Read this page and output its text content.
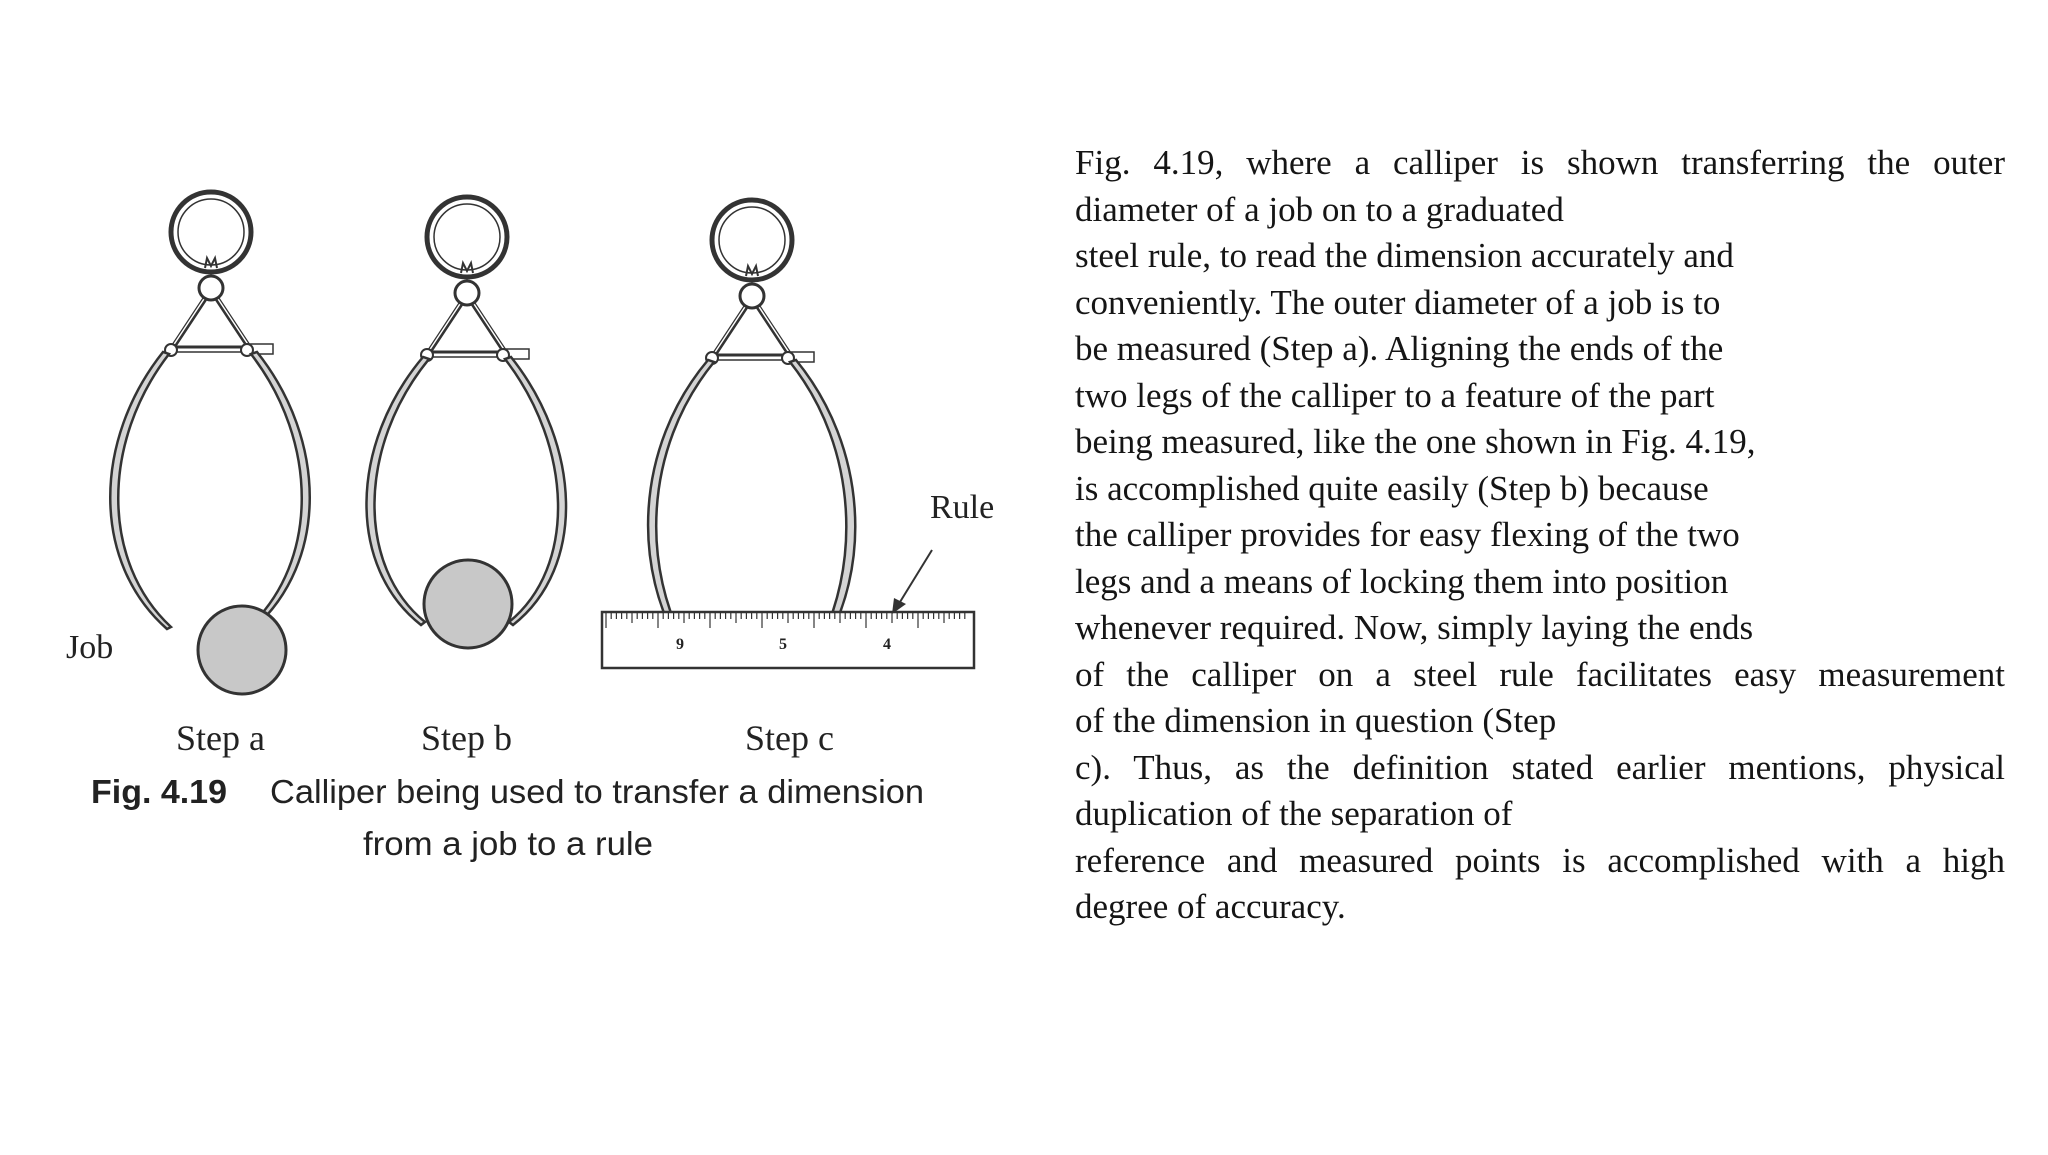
9	5	4
Job
Rule
Step a	Step b	Step c
Fig. 4.19 Calliper being used to transfer a dimension
from a job to a rule
Fig. 4.19, where a calliper is shown transferring the outer
diameter of a job on to a graduated
steel rule, to read the dimension accurately and
conveniently. The outer diameter of a job is to
be measured (Step a). Aligning the ends of the
two legs of the calliper to a feature of the part
being measured, like the one shown in Fig. 4.19,
is accomplished quite easily (Step b) because
the calliper provides for easy flexing of the two
legs and a means of locking them into position
whenever required. Now, simply laying the ends
of the calliper on a steel rule facilitates easy measurement
of the dimension in question (Step
c). Thus, as the definition stated earlier mentions, physical
duplication of the separation of
reference and measured points is accomplished with a high
degree of accuracy.
